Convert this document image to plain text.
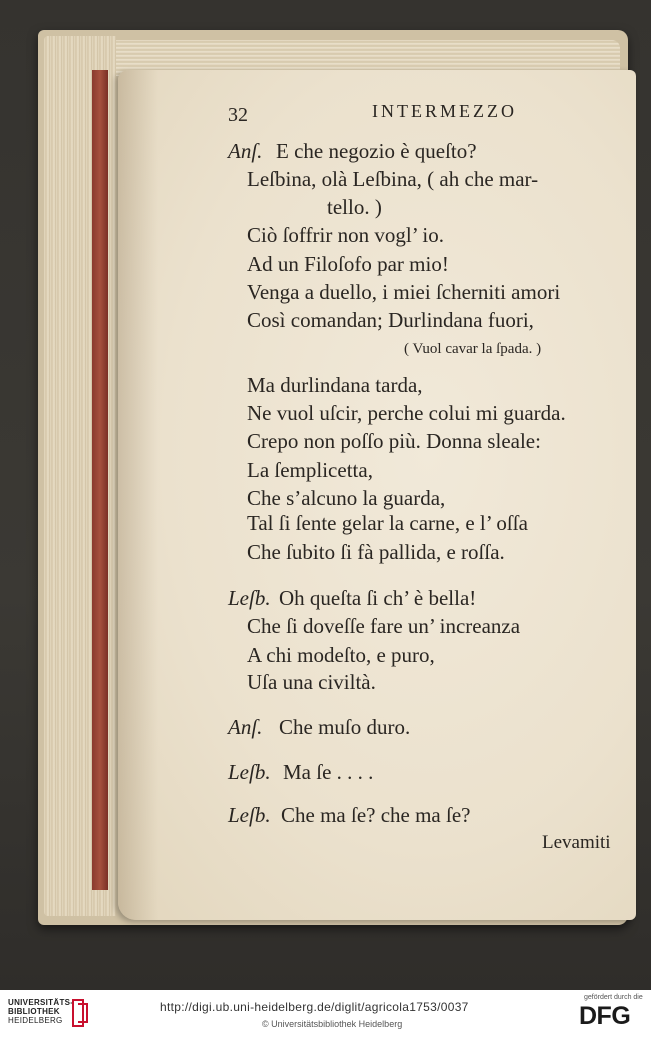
32	INTERMEZZO
Anſ. E che negozio è queſto?
Leſbina, olà Leſbina, ( ah che mar-
tello. )
Ciò ſoffrir non vogl’ io.
Ad un Filoſofo par mio!
Venga a duello, i miei ſcherniti amori
Così comandan; Durlindana fuori,
( Vuol cavar la ſpada. )
Ma durlindana tarda,
Ne vuol uſcir, perche colui mi guarda.
Crepo non poſſo più. Donna sleale:
La ſemplicetta,
Che s’alcuno la guarda,
Tal ſi ſente gelar la carne, e l’ oſſa
Che ſubito ſi fà pallida, e roſſa.
Leſb. Oh queſta ſi ch’ è bella!
Che ſi doveſſe fare un’ increanza
A chi modeſto, e puro,
Uſa una civiltà.
Anſ. Che muſo duro.
Leſb. Ma ſe . . . .
Leſb. Che ma ſe? che ma ſe?
Levamiti
UNIVERSITÄTS-
BIBLIOTHEK
HEIDELBERG
http://digi.ub.uni-heidelberg.de/diglit/agricola1753/0037
© Universitätsbibliothek Heidelberg
gefördert durch die
DFG
